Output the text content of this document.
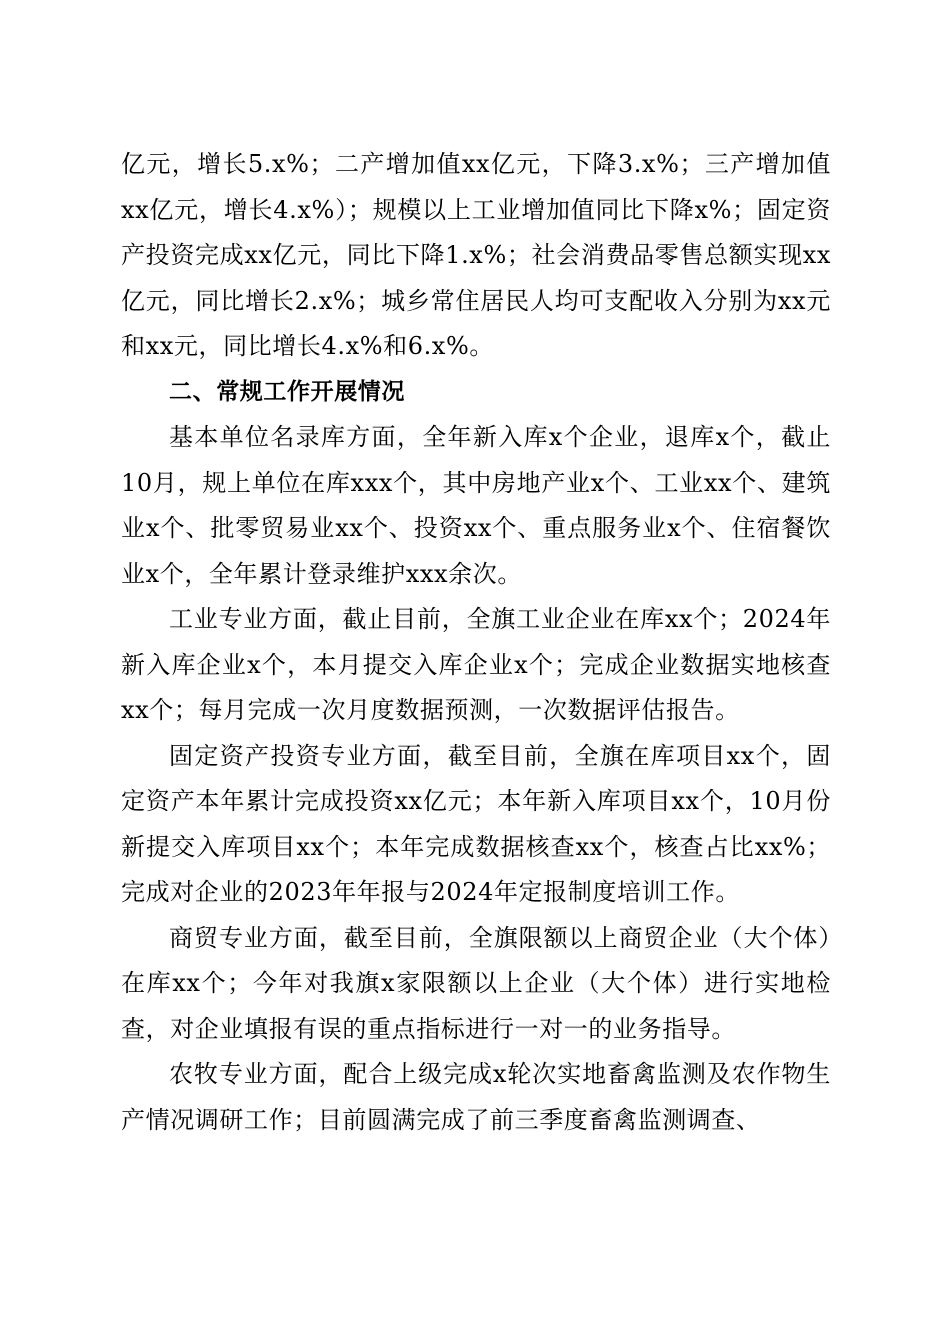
亿元，增长5.x%；二产增加值xx亿元，下降3.x%；三产增加值xx亿元，增长4.x%）；规模以上工业增加值同比下降x%；固定资产投资完成xx亿元，同比下降1.x%；社会消费品零售总额实现xx亿元，同比增长2.x%；城乡常住居民人均可支配收入分别为xx元和xx元，同比增长4.x%和6.x%。

二、常规工作开展情况

基本单位名录库方面，全年新入库x个企业，退库x个，截止10月，规上单位在库xxx个，其中房地产业x个、工业xx个、建筑业x个、批零贸易业xx个、投资xx个、重点服务业x个、住宿餐饮业x个，全年累计登录维护xxx余次。

工业专业方面，截止目前，全旗工业企业在库xx个；2024年新入库企业x个，本月提交入库企业x个；完成企业数据实地核查xx个；每月完成一次月度数据预测，一次数据评估报告。

固定资产投资专业方面，截至目前，全旗在库项目xx个，固定资产本年累计完成投资xx亿元；本年新入库项目xx个，10月份新提交入库项目xx个；本年完成数据核查xx个，核查占比xx%；完成对企业的2023年年报与2024年定报制度培训工作。

商贸专业方面，截至目前，全旗限额以上商贸企业（大个体）在库xx个；今年对我旗x家限额以上企业（大个体）进行实地检查，对企业填报有误的重点指标进行一对一的业务指导。

农牧专业方面，配合上级完成x轮次实地畜禽监测及农作物生产情况调研工作；目前圆满完成了前三季度畜禽监测调查、
